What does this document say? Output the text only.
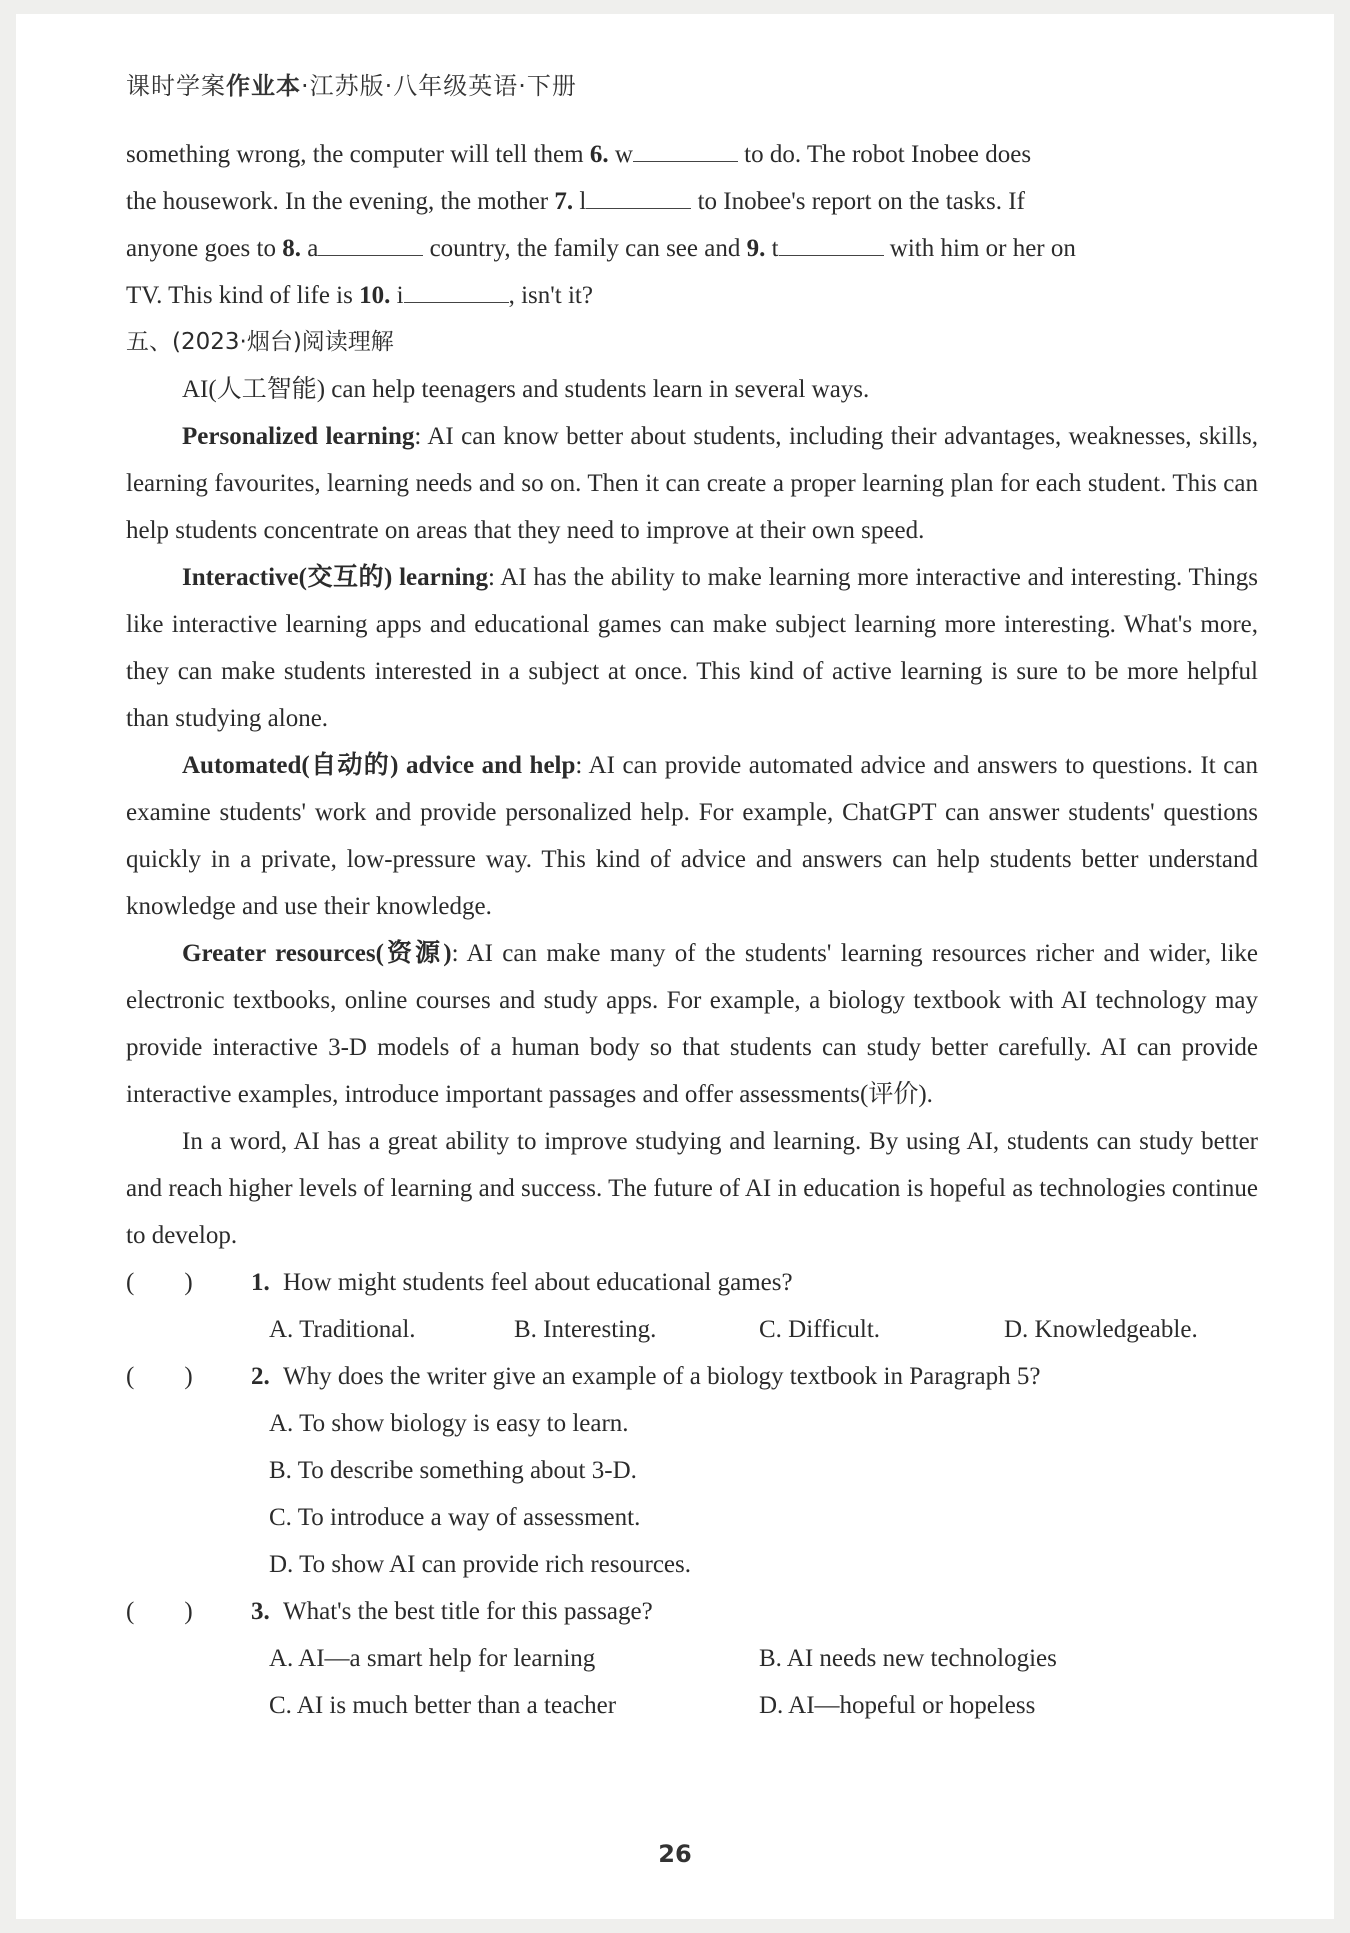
课时学案作业本·江苏版·八年级英语·下册

something wrong, the computer will tell them 6. w	to do. The robot Inobee does

the housework. In the evening, the mother 7. l	to Inobee's report on the tasks. If

anyone goes to 8. a	country, the family can see and 9. t	with him or her on

TV. This kind of life is 10. i	, isn't it?

五、(2023·烟台)阅读理解

AI(人工智能) can help teenagers and students learn in several ways.

Personalized learning: AI can know better about students, including their advantages, weaknesses, skills, learning favourites, learning needs and so on. Then it can create a proper learning plan for each student. This can help students concentrate on areas that they need to improve at their own speed.

Interactive(交互的) learning: AI has the ability to make learning more interactive and interesting. Things like interactive learning apps and educational games can make subject learning more interesting. What's more, they can make students interested in a subject at once. This kind of active learning is sure to be more helpful than studying alone.

Automated(自动的) advice and help: AI can provide automated advice and answers to questions. It can examine students' work and provide personalized help. For example, ChatGPT can answer students' questions quickly in a private, low-pressure way. This kind of advice and answers can help students better understand knowledge and use their knowledge.

Greater resources(资源): AI can make many of the students' learning resources richer and wider, like electronic textbooks, online courses and study apps. For example, a biology textbook with AI technology may provide interactive 3-D models of a human body so that students can study better carefully. AI can provide interactive examples, introduce important passages and offer assessments(评价).

In a word, AI has a great ability to improve studying and learning. By using AI, students can study better and reach higher levels of learning and success. The future of AI in education is hopeful as technologies continue to develop.

(        )	1. How might students feel about educational games?
A. Traditional.	B. Interesting.	C. Difficult.	D. Knowledgeable.
(        )	2. Why does the writer give an example of a biology textbook in Paragraph 5?

A. To show biology is easy to learn.

B. To describe something about 3-D.

C. To introduce a way of assessment.

D. To show AI can provide rich resources.

(        )	3. What's the best title for this passage?
A. AI—a smart help for learning	B. AI needs new technologies
C. AI is much better than a teacher	D. AI—hopeful or hopeless
26
